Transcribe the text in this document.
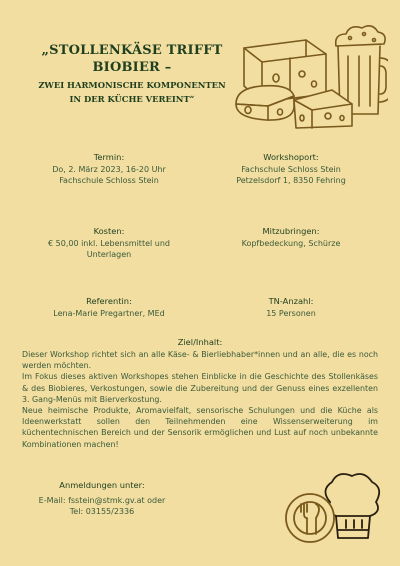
„STOLLENKÄSE TRIFFT
BIOBIER –
ZWEI HARMONISCHE KOMPONENTEN
IN DER KÜCHE VEREINT“
Termin:
Do, 2. März 2023, 16-20 Uhr
Fachschule Schloss Stein
Workshoport:
Fachschule Schloss Stein
Petzelsdorf 1, 8350 Fehring
Kosten:
€ 50,00 inkl. Lebensmittel und
Unterlagen
Mitzubringen:
Kopfbedeckung, Schürze
Referentin:
Lena-Marie Pregartner, MEd
TN-Anzahl:
15 Personen
Ziel/Inhalt:

Dieser Workshop richtet sich an alle Käse- & Bierliebhaber*innen und an alle, die es noch werden möchten.

Im Fokus dieses aktiven Workshopes stehen Einblicke in die Geschichte des Stollenkäses & des Biobieres, Verkostungen, sowie die Zubereitung und der Genuss eines exzellenten 3. Gang-Menüs mit Bierverkostung.

Neue heimische Produkte, Aromavielfalt, sensorische Schulungen und die Küche als Ideenwerkstatt sollen den Teilnehmenden eine Wissenserweiterung im küchentechnischen Bereich und der Sensorik ermöglichen und Lust auf noch unbekannte Kombinationen machen!

Anmeldungen unter:
E-Mail: fsstein@stmk.gv.at oder
Tel: 03155/2336
